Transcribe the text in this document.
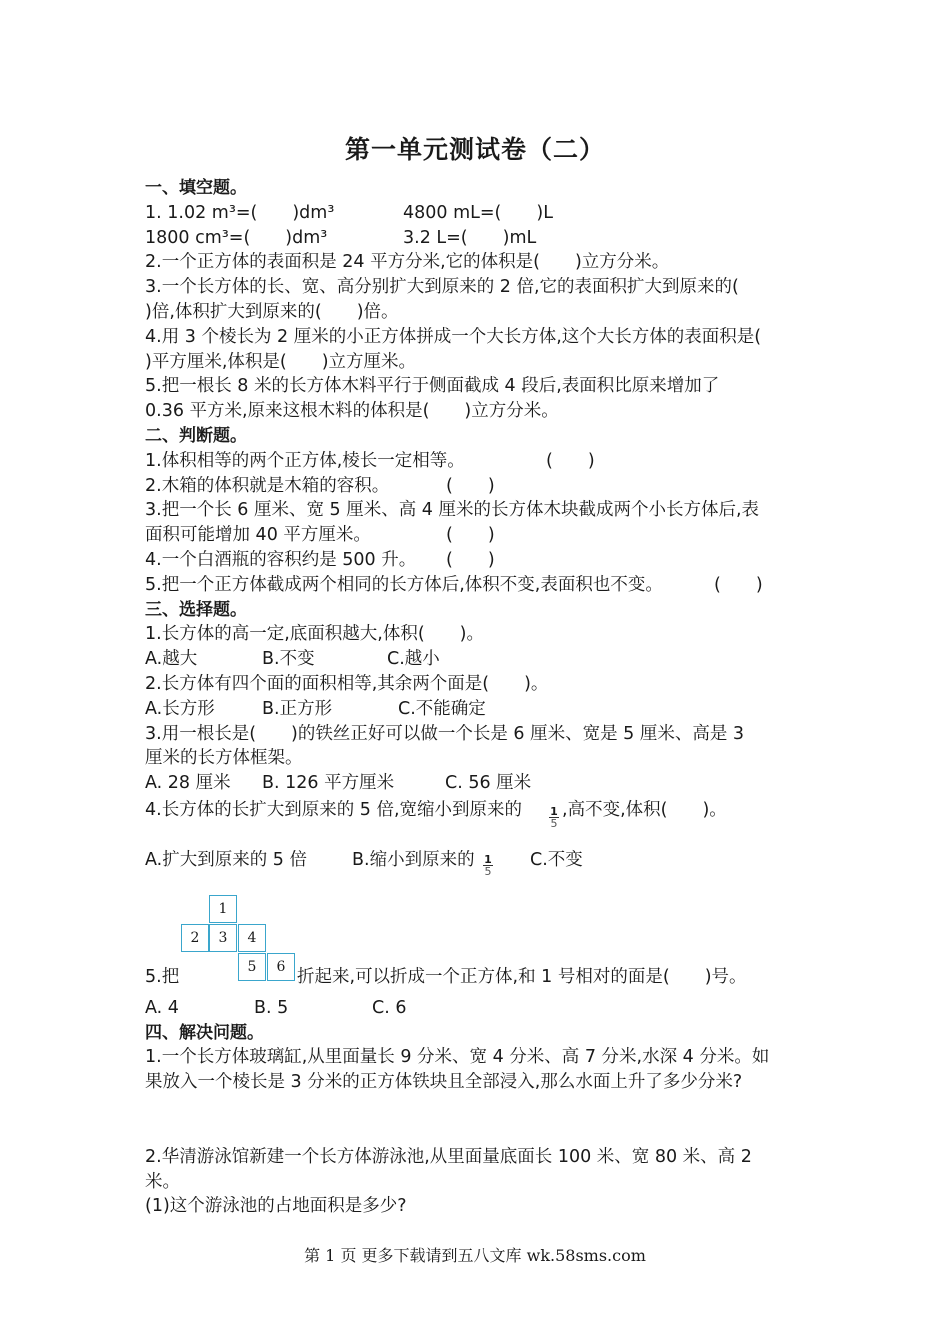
第一单元测试卷（二）
一、填空题。
1. 1.02 m³=(　　)dm³	4800 mL=(　　)L
1800 cm³=(　　)dm³	3.2 L=(　　)mL
2.一个正方体的表面积是 24 平方分米,它的体积是(　　)立方分米。
3.一个长方体的长、宽、高分别扩大到原来的 2 倍,它的表面积扩大到原来的(
)倍,体积扩大到原来的(　　)倍。
4.用 3 个棱长为 2 厘米的小正方体拼成一个大长方体,这个大长方体的表面积是(
)平方厘米,体积是(　　)立方厘米。
5.把一根长 8 米的长方体木料平行于侧面截成 4 段后,表面积比原来增加了
0.36 平方米,原来这根木料的体积是(　　)立方分米。
二、判断题。
1.体积相等的两个正方体,棱长一定相等。	(　　)
2.木箱的体积就是木箱的容积。	(　　)
3.把一个长 6 厘米、宽 5 厘米、高 4 厘米的长方体木块截成两个小长方体后,表
面积可能增加 40 平方厘米。	(　　)
4.一个白酒瓶的容积约是 500 升。 (　　)
5.把一个正方体截成两个相同的长方体后,体积不变,表面积也不变。	(　　)
三、选择题。
1.长方体的高一定,底面积越大,体积(　　)。
A.越大	B.不变	C.越小
2.长方体有四个面的面积相等,其余两个面是(　　)。
A.长方形	B.正方形	C.不能确定
3.用一根长是(　　)的铁丝正好可以做一个长是 6 厘米、宽是 5 厘米、高是 3
厘米的长方体框架。
A. 28 厘米 B. 126 平方厘米	C. 56 厘米
4.长方体的长扩大到原来的 5 倍,宽缩小到原来的 $\frac{1}{5}$ ,高不变,体积(　　)。
A.扩大到原来的 5 倍	B.缩小到原来的 $\frac{1}{5} C$.不变
1
2	3	4
5	6
5.把	折起来,可以折成一个正方体,和 1 号相对的面是(　　)号。
A. 4	B. 5	C. 6
四、解决问题。
1.一个长方体玻璃缸,从里面量长 9 分米、宽 4 分米、高 7 分米,水深 4 分米。如
果放入一个棱长是 3 分米的正方体铁块且全部浸入,那么水面上升了多少分米?
2.华清游泳馆新建一个长方体游泳池,从里面量底面长 100 米、宽 80 米、高 2
米。
(1)这个游泳池的占地面积是多少?
第 1 页 更多下载请到五八文库 wk.58sms.com
